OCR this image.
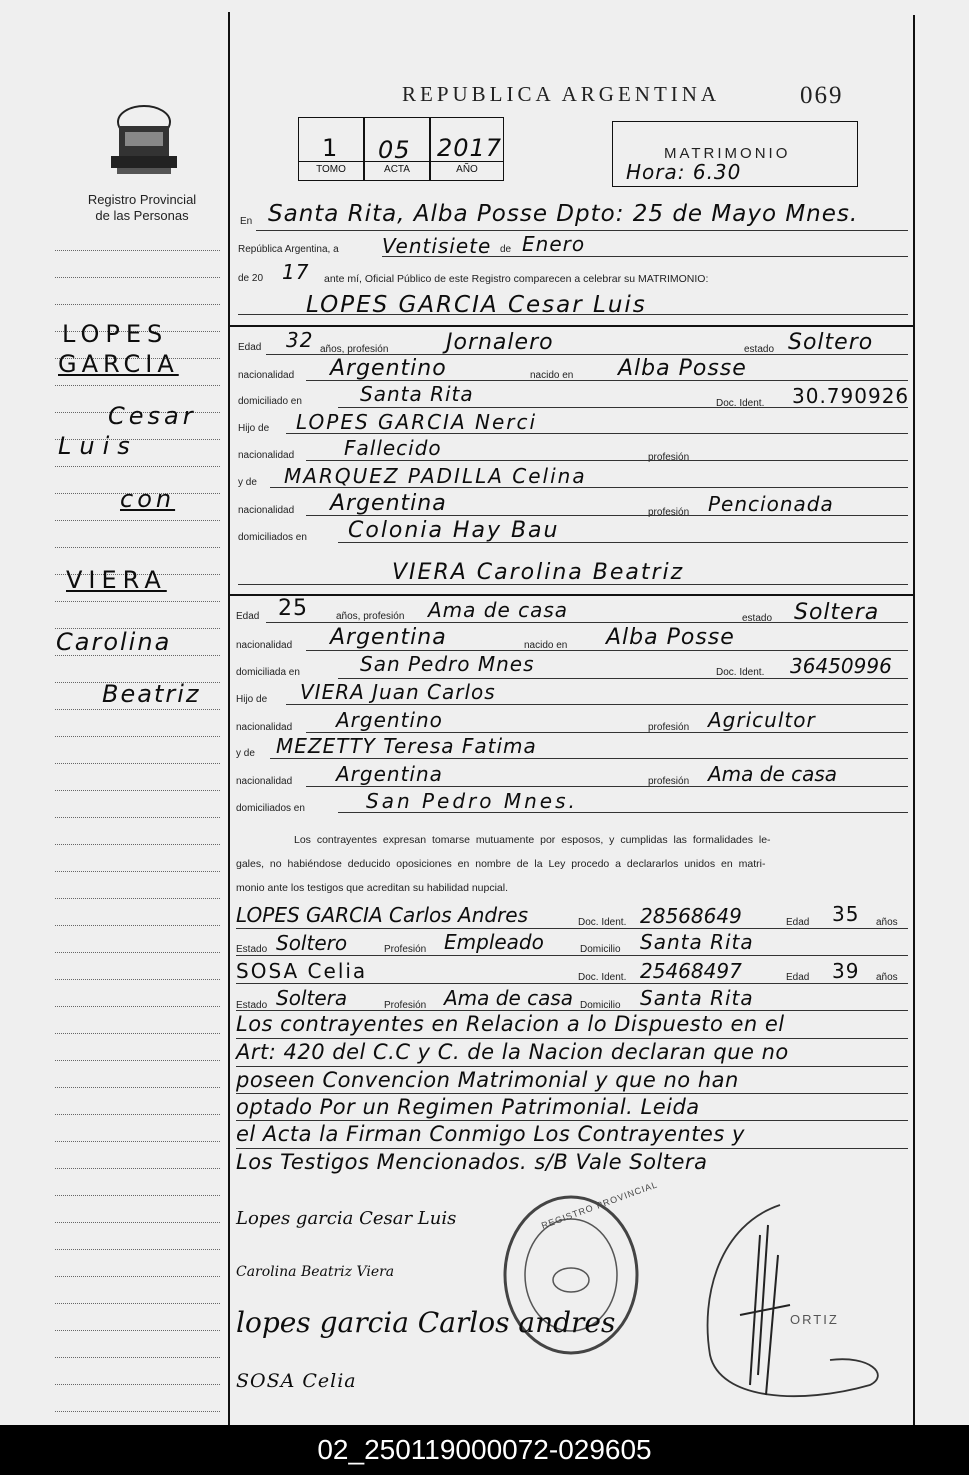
Registro Provincial
de las Personas
LOPES
GARCIA
Cesar
Luis
con
VIERA
Carolina
Beatriz
REPUBLICA ARGENTINA	069
1 05 2017
TOMO	ACTA	AÑO
MATRIMONIO
Hora: 6.30
En Santa Rita, Alba Posse Dpto: 25 de Mayo Mnes.
República Argentina, a Ventisiete de Enero
de 20 17 ante mí, Oficial Público de este Registro comparecen a celebrar su MATRIMONIO:
LOPES GARCIA Cesar Luis
Edad 32 años, profesión	Jornalero	estado Soltero
nacionalidad Argentino	nacido en Alba Posse
domiciliado en	Santa Rita	Doc. Ident. 30.790926
Hijo de LOPES GARCIA Nerci
nacionalidad Fallecido	profesión
y de MARQUEZ PADILLA Celina
nacionalidad Argentina	profesión Pencionada
domiciliados en Colonia Hay Bau
VIERA Carolina Beatriz
Edad 25	años, profesión Ama de casa	estado Soltera
nacionalidad Argentina	nacido en Alba Posse
domiciliada en	San Pedro Mnes	Doc. Ident. 36450996
Hijo de VIERA Juan Carlos
nacionalidad Argentino	profesión Agricultor
y de MEZETTY Teresa Fatima
nacionalidad Argentina	profesión Ama de casa
domiciliados en	San Pedro Mnes.
Los contrayentes expresan tomarse mutuamente por esposos, y cumplidas las formalidades le-
gales, no habiéndose deducido oposiciones en nombre de la Ley procedo a declararlos unidos en matri-
monio ante los testigos que acreditan su habilidad nupcial.
LOPES GARCIA Carlos Andres	Doc. Ident. 28568649	Edad 35 años
Estado Soltero	Profesión Empleado	Domicilio Santa Rita
SOSA Celia	Doc. Ident. 25468497	Edad 39 años
Estado Soltera	Profesión Ama de casa Domicilio Santa Rita
Los contrayentes en Relacion a lo Dispuesto en el
Art: 420 del C.C y C. de la Nacion declaran que no
poseen Convencion Matrimonial y que no han
optado Por un Regimen Patrimonial. Leida
el Acta la Firman Conmigo Los Contrayentes y
Los Testigos Mencionados. s/B Vale Soltera
REGISTRO PROVINCIAL
ORTIZ
Lopes garcia Cesar Luis
Carolina Beatriz Viera
lopes garcia Carlos andres
SOSA Celia
02_250119000072-029605
